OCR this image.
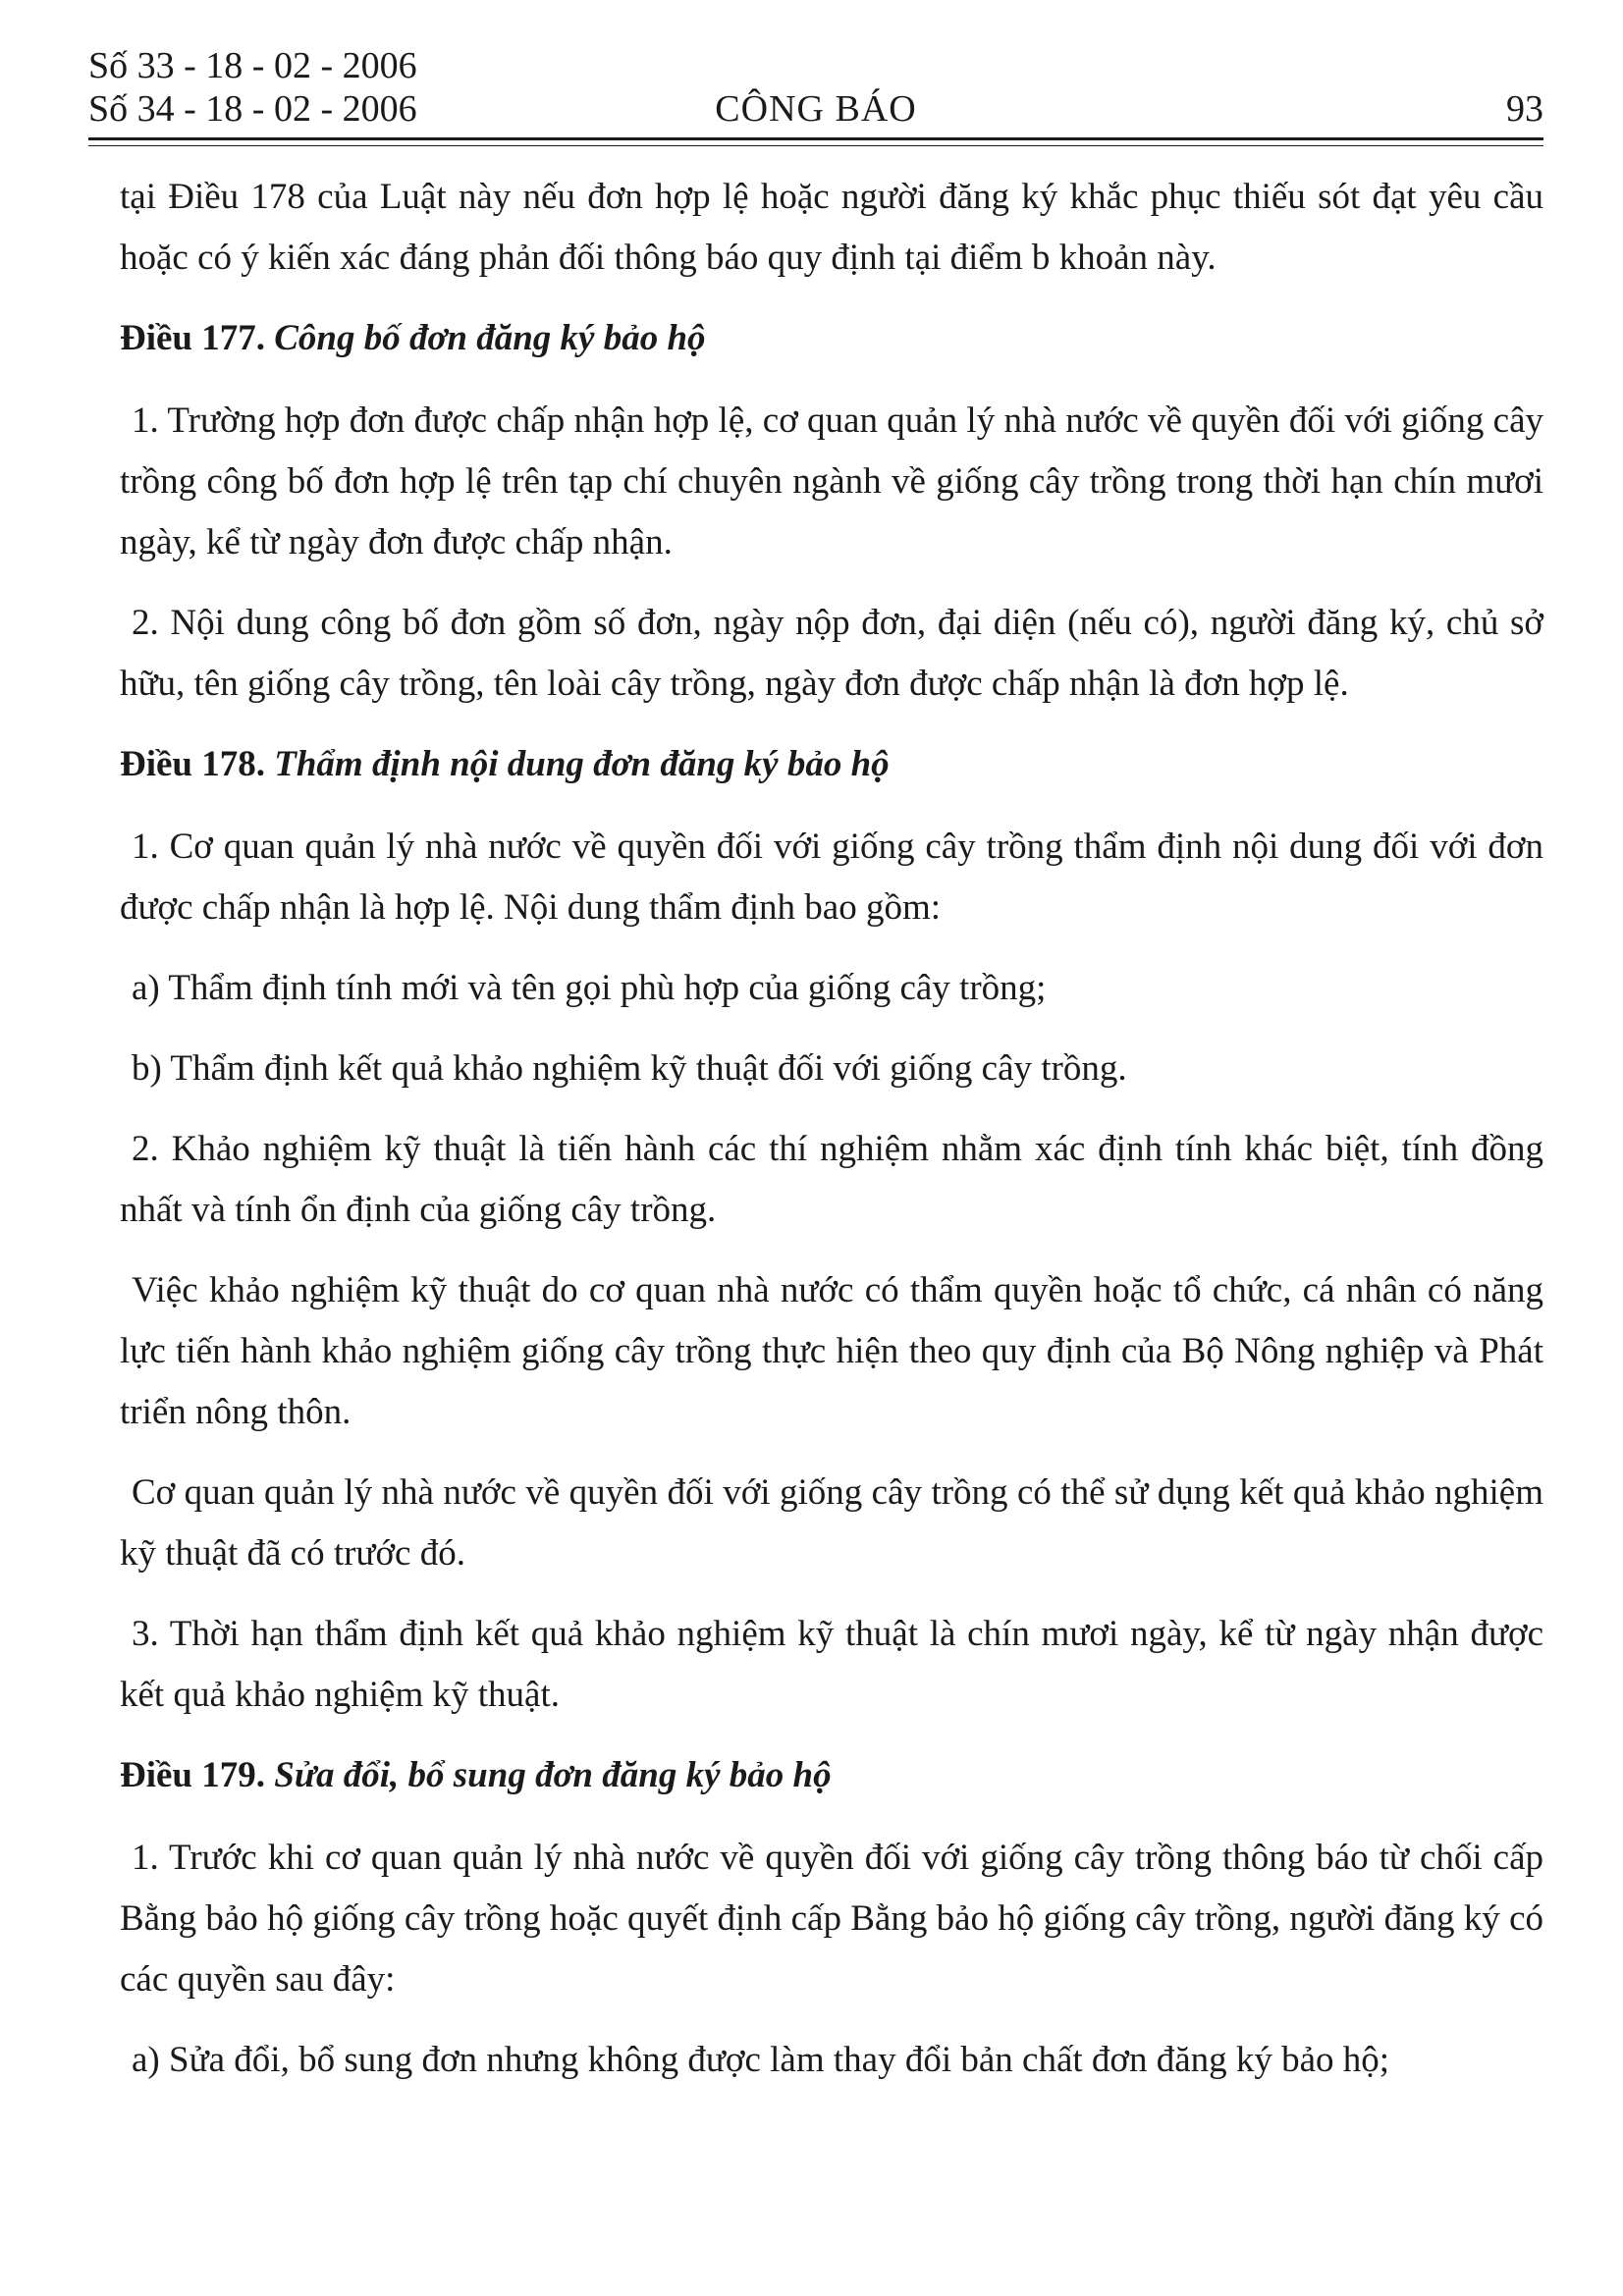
Số 33 - 18 - 02 - 2006
Số 34 - 18 - 02 - 2006	CÔNG BÁO	93

tại Điều 178 của Luật này nếu đơn hợp lệ hoặc người đăng ký khắc phục thiếu sót đạt yêu cầu hoặc có ý kiến xác đáng phản đối thông báo quy định tại điểm b khoản này.

Điều 177. Công bố đơn đăng ký bảo hộ

1. Trường hợp đơn được chấp nhận hợp lệ, cơ quan quản lý nhà nước về quyền đối với giống cây trồng công bố đơn hợp lệ trên tạp chí chuyên ngành về giống cây trồng trong thời hạn chín mươi ngày, kể từ ngày đơn được chấp nhận.

2. Nội dung công bố đơn gồm số đơn, ngày nộp đơn, đại diện (nếu có), người đăng ký, chủ sở hữu, tên giống cây trồng, tên loài cây trồng, ngày đơn được chấp nhận là đơn hợp lệ.

Điều 178. Thẩm định nội dung đơn đăng ký bảo hộ

1. Cơ quan quản lý nhà nước về quyền đối với giống cây trồng thẩm định nội dung đối với đơn được chấp nhận là hợp lệ. Nội dung thẩm định bao gồm:

a) Thẩm định tính mới và tên gọi phù hợp của giống cây trồng;

b) Thẩm định kết quả khảo nghiệm kỹ thuật đối với giống cây trồng.

2. Khảo nghiệm kỹ thuật là tiến hành các thí nghiệm nhằm xác định tính khác biệt, tính đồng nhất và tính ổn định của giống cây trồng.

Việc khảo nghiệm kỹ thuật do cơ quan nhà nước có thẩm quyền hoặc tổ chức, cá nhân có năng lực tiến hành khảo nghiệm giống cây trồng thực hiện theo quy định của Bộ Nông nghiệp và Phát triển nông thôn.

Cơ quan quản lý nhà nước về quyền đối với giống cây trồng có thể sử dụng kết quả khảo nghiệm kỹ thuật đã có trước đó.

3. Thời hạn thẩm định kết quả khảo nghiệm kỹ thuật là chín mươi ngày, kể từ ngày nhận được kết quả khảo nghiệm kỹ thuật.

Điều 179. Sửa đổi, bổ sung đơn đăng ký bảo hộ

1. Trước khi cơ quan quản lý nhà nước về quyền đối với giống cây trồng thông báo từ chối cấp Bằng bảo hộ giống cây trồng hoặc quyết định cấp Bằng bảo hộ giống cây trồng, người đăng ký có các quyền sau đây:

a) Sửa đổi, bổ sung đơn nhưng không được làm thay đổi bản chất đơn đăng ký bảo hộ;
